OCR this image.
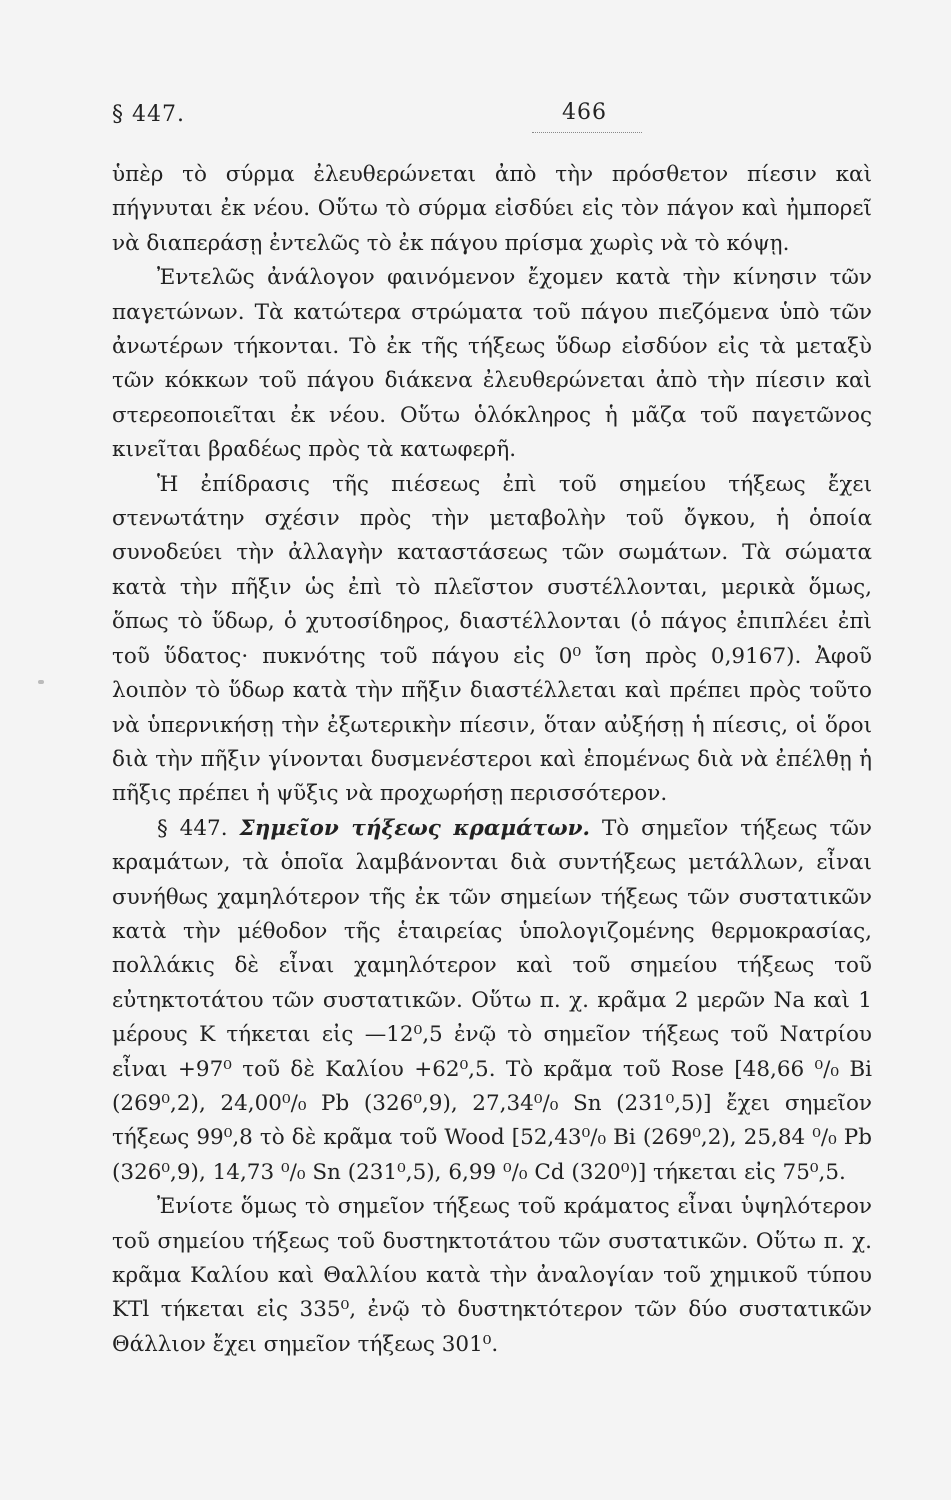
§ 447.	466

ὑπὲρ τὸ σύρμα ἐλευθερώνεται ἀπὸ τὴν πρόσθετον πίεσιν καὶ πήγνυται ἐκ νέου. Οὕτω τὸ σύρμα εἰσδύει εἰς τὸν πάγον καὶ ἠμπορεῖ νὰ διαπεράσῃ ἐντελῶς τὸ ἐκ πάγου πρίσμα χωρὶς νὰ τὸ κόψῃ.

Ἐντελῶς ἀνάλογον φαινόμενον ἔχομεν κατὰ τὴν κίνησιν τῶν παγετώνων. Τὰ κατώτερα στρώματα τοῦ πάγου πιεζόμενα ὑπὸ τῶν ἀνωτέρων τήκονται. Τὸ ἐκ τῆς τήξεως ὕδωρ εἰσδύον εἰς τὰ μεταξὺ τῶν κόκκων τοῦ πάγου διάκενα ἐλευθερώνεται ἀπὸ τὴν πίεσιν καὶ στερεοποιεῖται ἐκ νέου. Οὕτω ὁλόκληρος ἡ μᾶζα τοῦ παγετῶνος κινεῖται βραδέως πρὸς τὰ κατωφερῆ.

Ἡ ἐπίδρασις τῆς πιέσεως ἐπὶ τοῦ σημείου τήξεως ἔχει στενωτάτην σχέσιν πρὸς τὴν μεταβολὴν τοῦ ὄγκου, ἡ ὁποία συνοδεύει τὴν ἀλλαγὴν καταστάσεως τῶν σωμάτων. Τὰ σώματα κατὰ τὴν πῆξιν ὡς ἐπὶ τὸ πλεῖστον συστέλλονται, μερικὰ ὅμως, ὅπως τὸ ὕδωρ, ὁ χυτοσίδηρος, διαστέλλονται (ὁ πάγος ἐπιπλέει ἐπὶ τοῦ ὕδατος· πυκνότης τοῦ πάγου εἰς 0⁰ ἴση πρὸς 0,9167). Ἀφοῦ λοιπὸν τὸ ὕδωρ κατὰ τὴν πῆξιν διαστέλλεται καὶ πρέπει πρὸς τοῦτο νὰ ὑπερνικήσῃ τὴν ἐξωτερικὴν πίεσιν, ὅταν αὐξήσῃ ἡ πίεσις, οἱ ὅροι διὰ τὴν πῆξιν γίνονται δυσμενέστεροι καὶ ἑπομένως διὰ νὰ ἐπέλθῃ ἡ πῆξις πρέπει ἡ ψῦξις νὰ προχωρήσῃ περισσότερον.

§ 447. Σημεῖον τήξεως κραμάτων. Τὸ σημεῖον τήξεως τῶν κραμάτων, τὰ ὁποῖα λαμβάνονται διὰ συντήξεως μετάλλων, εἶναι συνήθως χαμηλότερον τῆς ἐκ τῶν σημείων τήξεως τῶν συστατικῶν κατὰ τὴν μέθοδον τῆς ἑταιρείας ὑπολογιζομένης θερμοκρασίας, πολλάκις δὲ εἶναι χαμηλότερον καὶ τοῦ σημείου τήξεως τοῦ εὐτηκτοτάτου τῶν συστατικῶν. Οὕτω π. χ. κρᾶμα 2 μερῶν Na καὶ 1 μέρους K τήκεται εἰς —12⁰,5 ἐνῷ τὸ σημεῖον τήξεως τοῦ Νατρίου εἶναι +97⁰ τοῦ δὲ Καλίου +62⁰,5. Τὸ κρᾶμα τοῦ Rose [48,66 ⁰/₀ Bi (269⁰,2), 24,00⁰/₀ Pb (326⁰,9), 27,34⁰/₀ Sn (231⁰,5)] ἔχει σημεῖον τήξεως 99⁰,8 τὸ δὲ κρᾶμα τοῦ Wood [52,43⁰/₀ Bi (269⁰,2), 25,84 ⁰/₀ Pb (326⁰,9), 14,73 ⁰/₀ Sn (231⁰,5), 6,99 ⁰/₀ Cd (320⁰)] τήκεται εἰς 75⁰,5.

Ἐνίοτε ὅμως τὸ σημεῖον τήξεως τοῦ κράματος εἶναι ὑψηλότερον τοῦ σημείου τήξεως τοῦ δυστηκτοτάτου τῶν συστατικῶν. Οὕτω π. χ. κρᾶμα Καλίου καὶ Θαλλίου κατὰ τὴν ἀναλογίαν τοῦ χημικοῦ τύπου KTl τήκεται εἰς 335⁰, ἐνῷ τὸ δυστηκτότερον τῶν δύο συστατικῶν Θάλλιον ἔχει σημεῖον τήξεως 301⁰.
